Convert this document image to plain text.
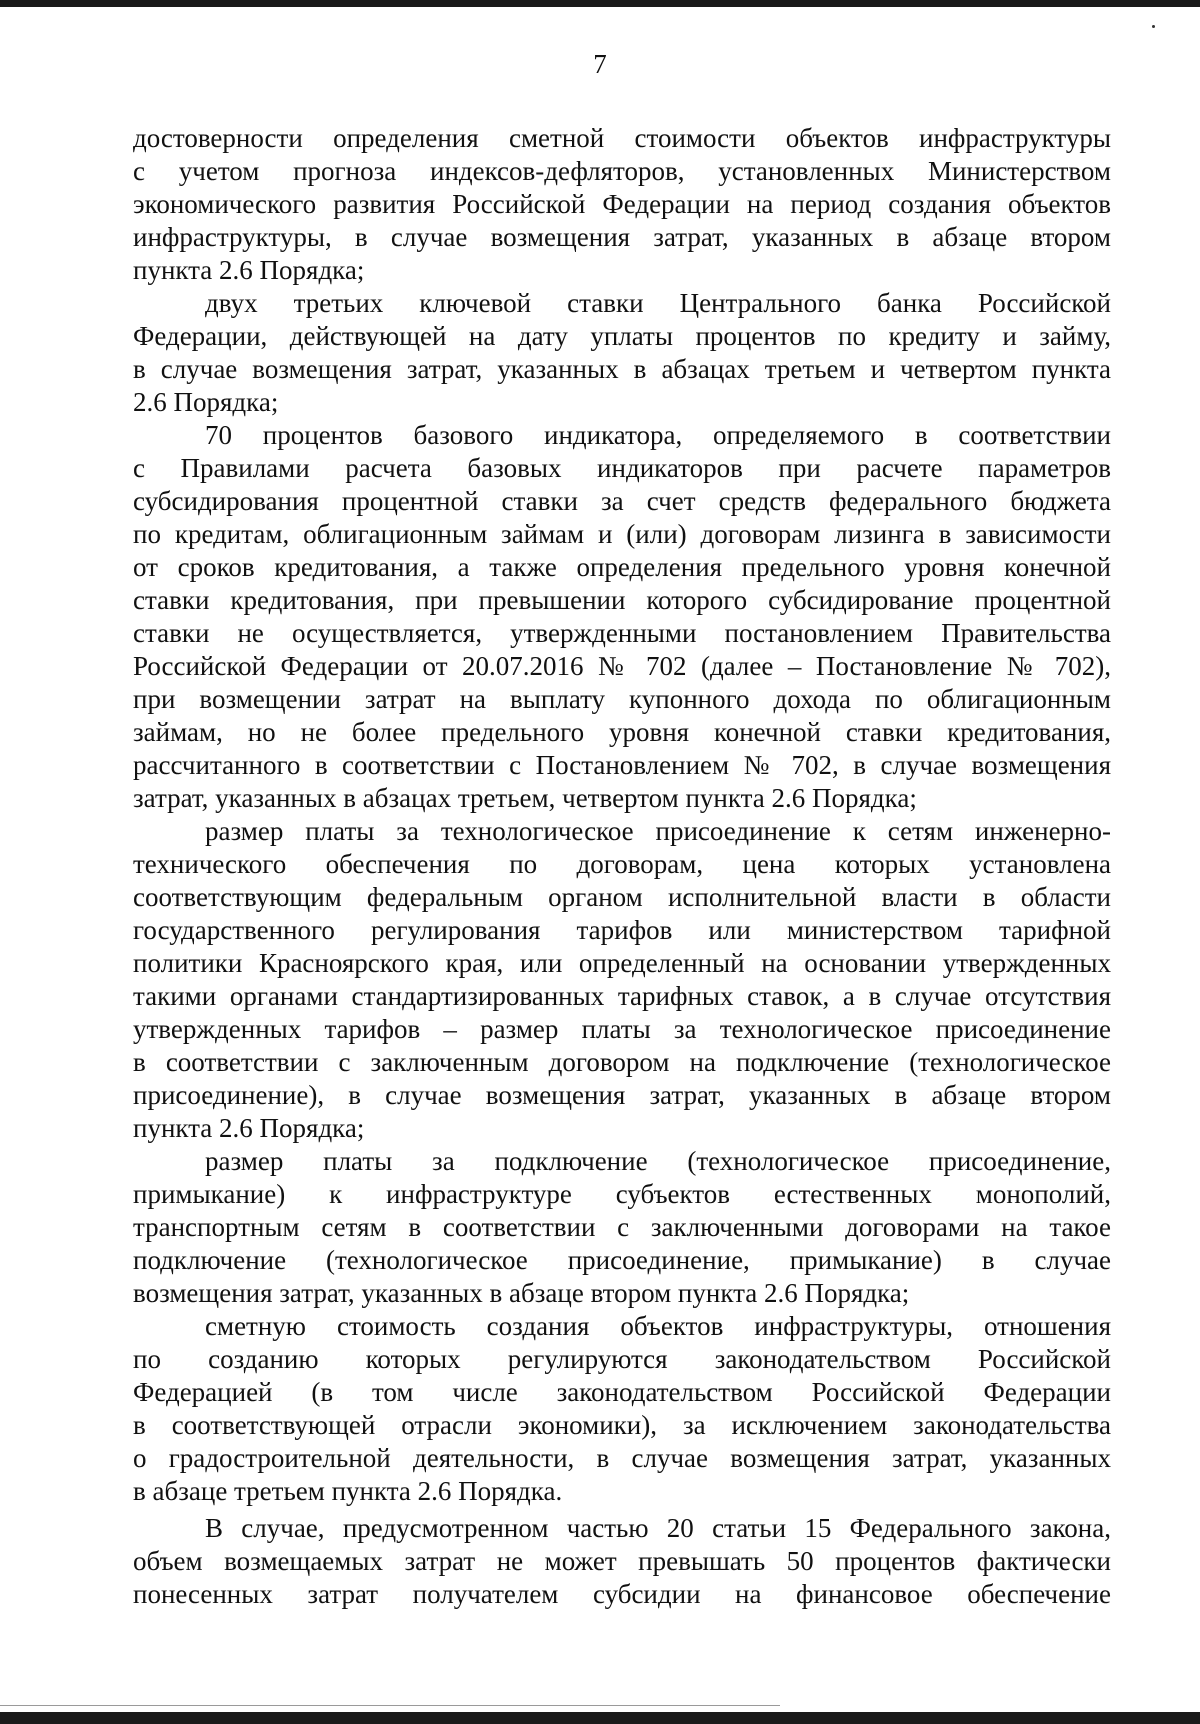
7
достоверности определения сметной стоимости объектов инфраструктуры
с учетом прогноза индексов-дефляторов, установленных Министерством
экономического развития Российской Федерации на период создания объектов
инфраструктуры, в случае возмещения затрат, указанных в абзаце втором
пункта 2.6 Порядка;
двух третьих ключевой ставки Центрального банка Российской
Федерации, действующей на дату уплаты процентов по кредиту и займу,
в случае возмещения затрат, указанных в абзацах третьем и четвертом пункта
2.6 Порядка;
70 процентов базового индикатора, определяемого в соответствии
с Правилами расчета базовых индикаторов при расчете параметров
субсидирования процентной ставки за счет средств федерального бюджета
по кредитам, облигационным займам и (или) договорам лизинга в зависимости
от сроков кредитования, а также определения предельного уровня конечной
ставки кредитования, при превышении которого субсидирование процентной
ставки не осуществляется, утвержденными постановлением Правительства
Российской Федерации от 20.07.2016 № 702 (далее – Постановление № 702),
при возмещении затрат на выплату купонного дохода по облигационным
займам, но не более предельного уровня конечной ставки кредитования,
рассчитанного в соответствии с Постановлением № 702, в случае возмещения
затрат, указанных в абзацах третьем, четвертом пункта 2.6 Порядка;
размер платы за технологическое присоединение к сетям инженерно-
технического обеспечения по договорам, цена которых установлена
соответствующим федеральным органом исполнительной власти в области
государственного регулирования тарифов или министерством тарифной
политики Красноярского края, или определенный на основании утвержденных
такими органами стандартизированных тарифных ставок, а в случае отсутствия
утвержденных тарифов – размер платы за технологическое присоединение
в соответствии с заключенным договором на подключение (технологическое
присоединение), в случае возмещения затрат, указанных в абзаце втором
пункта 2.6 Порядка;
размер платы за подключение (технологическое присоединение,
примыкание) к инфраструктуре субъектов естественных монополий,
транспортным сетям в соответствии с заключенными договорами на такое
подключение (технологическое присоединение, примыкание) в случае
возмещения затрат, указанных в абзаце втором пункта 2.6 Порядка;
сметную стоимость создания объектов инфраструктуры, отношения
по созданию которых регулируются законодательством Российской
Федерацией (в том числе законодательством Российской Федерации
в соответствующей отрасли экономики), за исключением законодательства
о градостроительной деятельности, в случае возмещения затрат, указанных
в абзаце третьем пункта 2.6 Порядка.
В случае, предусмотренном частью 20 статьи 15 Федерального закона,
объем возмещаемых затрат не может превышать 50 процентов фактически
понесенных затрат получателем субсидии на финансовое обеспечение
